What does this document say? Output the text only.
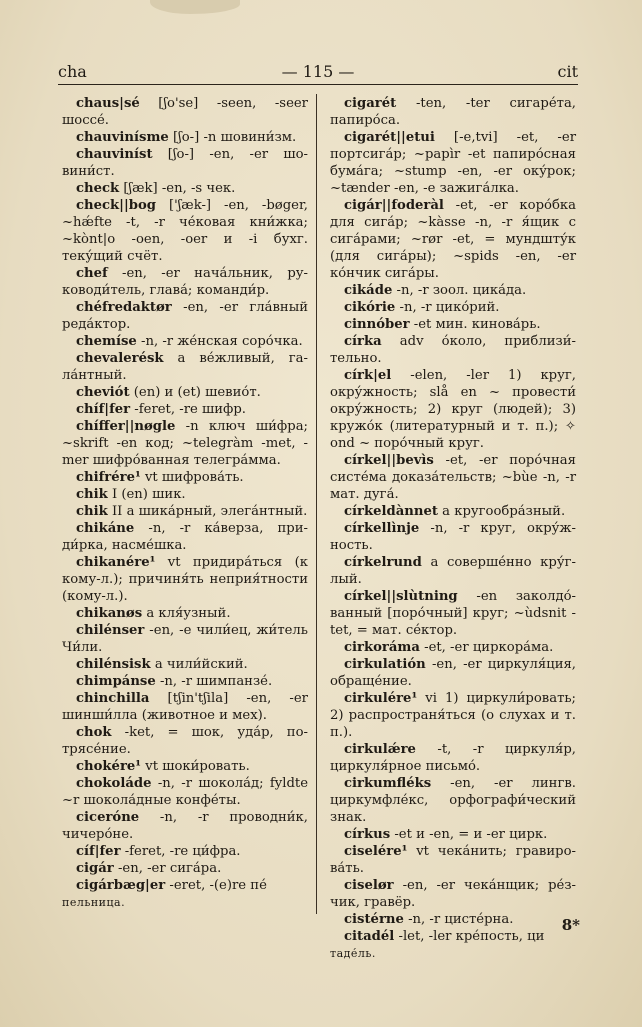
cha	— 115 —	cit

chaus|sé [ʃo'se] -seen, -seer шоссе́.

chauvinísme [ʃo-] -n шовини́зм.

chauviníst [ʃo-] -en, -er шовини́ст.

check [ʃæk] -en, -s чек.

check||bog ['ʃæk-] -en, -bøger, ~hǽfte -t, -r че́ковая кни́жка; ~kònt|o -oen, -oer и -i бухг. теку́щий счёт.

chef -en, -er нача́льник, руководи́тель, глава́; команди́р.

chéfredaktør -en, -er гла́вный реда́ктор.

chemíse -n, -r же́нская соро́чка.

chevalerésk a ве́жливый, гала́нтный.

cheviót (en) и (et) шевио́т.

chíf|fer -feret, -re шифр.

chíffer||nøgle -n ключ ши́фра; ~skrift -en код; ~telegràm -met, -mer шифро́ванная телегра́мма.

chifrére¹ vt шифрова́ть.

chik I (en) шик.

chik II a шика́рный, элега́нтный.

chikáne -n, -r ка́верза, приди́рка, насме́шка.

chikanére¹ vt придира́ться (к кому-л.); причиня́ть неприя́тности (кому-л.).

chikanøs a кля́узный.

chilénser -en, -e чили́ец, жи́тель Чи́ли.

chilénsisk a чили́йский.

chimpánse -n, -r шимпанзе́.

chinchilla [tʃin'tʃila] -en, -er шинши́лла (животное и мех).

chok -ket, = шок, уда́р, потрясе́ние.

chokére¹ vt шоки́ровать.

chokoláde -n, -r шокола́д; fyldte ~r шокола́дные конфе́ты.

ciceróne -n, -r проводни́к, чичеро́не.

cíf|fer -feret, -re ци́фра.

cigár -en, -er сига́ра.

cigárbæg|er -eret, -(e)re пе́
пельница.

cigarét -ten, -ter сигаре́та, папиро́са.

cigarét||etui [-e,tvi] -et, -er портсига́р; ~papìr -et папиро́сная бума́га; ~stump -en, -er оку́рок; ~tænder -en, -e зажига́лка.

cigár||foderàl -et, -er коро́бка для сига́р; ~kàsse -n, -r я́щик с сига́рами; ~rør -et, = мундшту́к (для сига́ры); ~spids -en, -er ко́нчик сига́ры.

cikáde -n, -r зоол. цика́да.

cikórie -n, -r цико́рий.

cinnóber -et мин. кинова́рь.

círka adv о́коло, приблизи́тельно.

círk|el -elen, -ler 1) круг, окру́жность; slå en ~ провести́ окру́жность; 2) круг (людей); 3) кружо́к (литературный и т. п.); ✧ ond ~ поро́чный круг.

církel||bevìs -et, -er поро́чная систе́ма доказа́тельств; ~bùe -n, -r мат. дуга́.

církeldànnet a кругообра́зный.

církellìnje -n, -r круг, окру́жность.

církelrund a соверше́нно кру́глый.

církel||slùtning -en заколдо́ванный [поро́чный] круг; ~ùdsnit -tet, = мат. се́ктор.

cirkoráma -et, -er циркора́ма.

cirkulatión -en, -er циркуля́ция, обраще́ние.

cirkulére¹ vi 1) циркули́ровать; 2) распространя́ться (о слухах и т. п.).

cirkulǽre -t, -r циркуля́р, циркуля́рное письмо́.

cirkumfléks -en, -er лингв. циркумфле́кс, орфографи́ческий знак.

církus -et и -en, = и -er цирк.

ciselére¹ vt чека́нить; гравирова́ть.

ciselør -en, -er чека́нщик; ре́зчик, гравёр.

cistérne -n, -r цисте́рна.

citadél -let, -ler кре́пость, ци
таде́ль.

8*
